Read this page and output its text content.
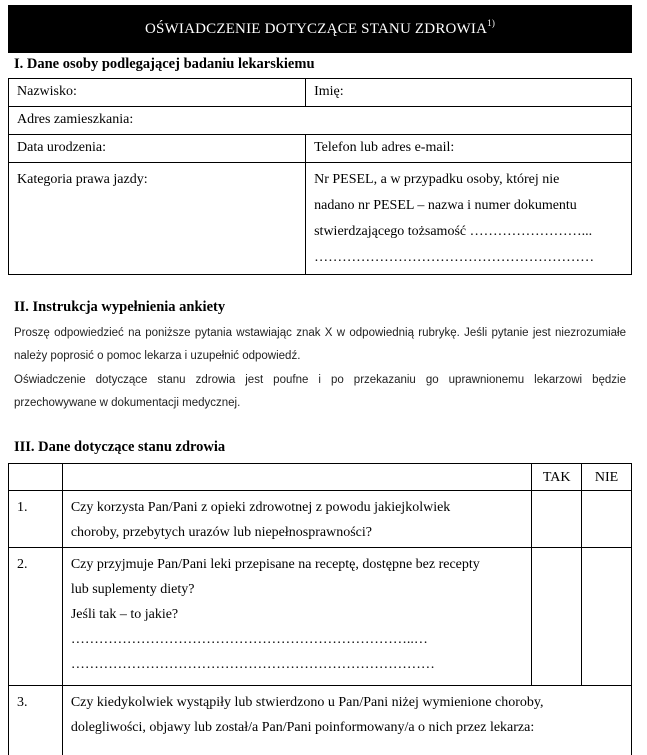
OŚWIADCZENIE DOTYCZĄCE STANU ZDROWIA$^{1)}$
I. Dane osoby podlegającej badaniu lekarskiemu
Nazwisko:	Imię:
Adres zamieszkania:	
Data urodzenia:	Telefon lub adres e-mail:
Kategoria prawa jazdy:	Nr PESEL, a w przypadku osoby, której nie
nadano nr PESEL – nazwa i numer dokumentu
stwierdzającego tożsamość ……………………...
……………………………………………………
II. Instrukcja wypełnienia ankiety

Proszę odpowiedzieć na poniższe pytania wstawiając znak X w odpowiednią rubrykę. Jeśli pytanie jest niezrozumiałe należy poprosić o pomoc lekarza i uzupełnić odpowiedź.

Oświadczenie dotyczące stanu zdrowia jest poufne i po przekazaniu go uprawnionemu lekarzowi będzie przechowywane w dokumentacji medycznej.

III. Dane dotyczące stanu zdrowia
		TAK	NIE
1.	Czy korzysta Pan/Pani z opieki zdrowotnej z powodu jakiejkolwiek
choroby, przebytych urazów lub niepełnosprawności?		

2.	Czy przyjmuje Pan/Pani leki przepisane na receptę, dostępne bez recepty
lub suplementy diety?
Jeśli tak – to jakie?
………………………………………………………………..…
……………………………………………………………………		

3.	Czy kiedykolwiek wystąpiły lub stwierdzono u Pan/Pani niżej wymienione choroby,
dolegliwości, objawy lub został/a Pan/Pani poinformowany/a o nich przez lekarza:		
